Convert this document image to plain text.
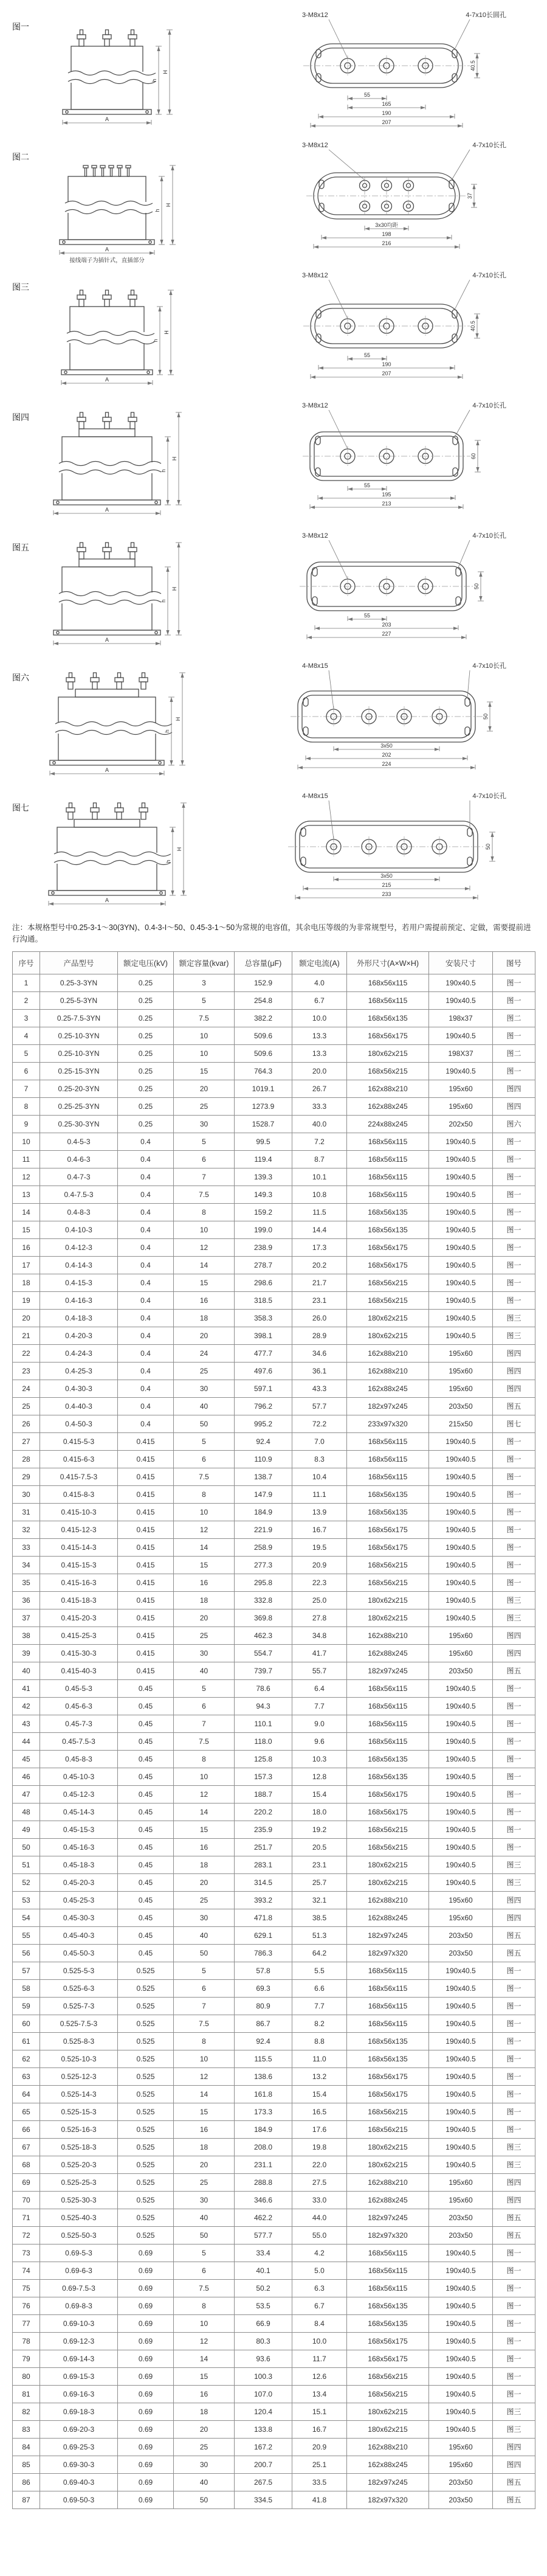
图一
h
H
A
3-M8x12	4-7x10长圆孔
55
165
190
207
40.5
图二
h
H
A
接线端子为插针式，直插部分
3-M8x12	4-7x10长孔
3x30均距
198
216
37
图三
h
H
A
3-M8x12	4-7x10长孔
55
190
207
40.5
图四
h
H
A
3-M8x12	4-7x10长孔
55
195
213
60
图五
h
H
A
3-M8x12	4-7x10长孔
55
203
227
50
图六
h
H
A
4-M8x15	4-7x10长孔
3x50
202
224
50
图七
h
H
A
4-M8x15	4-7x10长孔
3x50
215
233
50
注：本规格型号中0.25-3-1～30(3YN)、0.4-3-I～50、0.45-3-1～50为常规的电容值，其余电压等级的为非常规型号，若用户需提前预定、定做，需要提前进行沟通。
序号	产品型号	额定电压(kV)	额定容量(kvar)	总容量(μF)	额定电流(A)	外形尺寸(A×W×H)	安装尺寸	图号
1	0.25-3-3YN	0.25	3	152.9	4.0	168x56x115	190x40.5	图一
2	0.25-5-3YN	0.25	5	254.8	6.7	168x56x115	190x40.5	图一
3	0.25-7.5-3YN	0.25	7.5	382.2	10.0	168x56x135	198x37	图二
4	0.25-10-3YN	0.25	10	509.6	13.3	168x56x175	190x40.5	图一
5	0.25-10-3YN	0.25	10	509.6	13.3	180x62x215	198X37	图二
6	0.25-15-3YN	0.25	15	764.3	20.0	168x56x215	190x40.5	图一
7	0.25-20-3YN	0.25	20	1019.1	26.7	162x88x210	195x60	图四
8	0.25-25-3YN	0.25	25	1273.9	33.3	162x88x245	195x60	图四
9	0.25-30-3YN	0.25	30	1528.7	40.0	224x88x245	202x50	图六
10	0.4-5-3	0.4	5	99.5	7.2	168x56x115	190x40.5	图一
11	0.4-6-3	0.4	6	119.4	8.7	168x56x115	190x40.5	图一
12	0.4-7-3	0.4	7	139.3	10.1	168x56x115	190x40.5	图一
13	0.4-7.5-3	0.4	7.5	149.3	10.8	168x56x115	190x40.5	图一
14	0.4-8-3	0.4	8	159.2	11.5	168x56x135	190x40.5	图一
15	0.4-10-3	0.4	10	199.0	14.4	168x56x135	190x40.5	图一
16	0.4-12-3	0.4	12	238.9	17.3	168x56x175	190x40.5	图一
17	0.4-14-3	0.4	14	278.7	20.2	168x56x175	190x40.5	图一
18	0.4-15-3	0.4	15	298.6	21.7	168x56x215	190x40.5	图一
19	0.4-16-3	0.4	16	318.5	23.1	168x56x215	190x40.5	图一
20	0.4-18-3	0.4	18	358.3	26.0	180x62x215	190x40.5	图三
21	0.4-20-3	0.4	20	398.1	28.9	180x62x215	190x40.5	图三
22	0.4-24-3	0.4	24	477.7	34.6	162x88x210	195x60	图四
23	0.4-25-3	0.4	25	497.6	36.1	162x88x210	195x60	图四
24	0.4-30-3	0.4	30	597.1	43.3	162x88x245	195x60	图四
25	0.4-40-3	0.4	40	796.2	57.7	182x97x245	203x50	图五
26	0.4-50-3	0.4	50	995.2	72.2	233x97x320	215x50	图七
27	0.415-5-3	0.415	5	92.4	7.0	168x56x115	190x40.5	图一
28	0.415-6-3	0.415	6	110.9	8.3	168x56x115	190x40.5	图一
29	0.415-7.5-3	0.415	7.5	138.7	10.4	168x56x115	190x40.5	图一
30	0.415-8-3	0.415	8	147.9	11.1	168x56x135	190x40.5	图一
31	0.415-10-3	0.415	10	184.9	13.9	168x56x135	190x40.5	图一
32	0.415-12-3	0.415	12	221.9	16.7	168x56x175	190x40.5	图一
33	0.415-14-3	0.415	14	258.9	19.5	168x56x175	190x40.5	图一
34	0.415-15-3	0.415	15	277.3	20.9	168x56x215	190x40.5	图一
35	0.415-16-3	0.415	16	295.8	22.3	168x56x215	190x40.5	图一
36	0.415-18-3	0.415	18	332.8	25.0	180x62x215	190x40.5	图三
37	0.415-20-3	0.415	20	369.8	27.8	180x62x215	190x40.5	图三
38	0.415-25-3	0.415	25	462.3	34.8	162x88x210	195x60	图四
39	0.415-30-3	0.415	30	554.7	41.7	162x88x245	195x60	图四
40	0.415-40-3	0.415	40	739.7	55.7	182x97x245	203x50	图五
41	0.45-5-3	0.45	5	78.6	6.4	168x56x115	190x40.5	图一
42	0.45-6-3	0.45	6	94.3	7.7	168x56x115	190x40.5	图一
43	0.45-7-3	0.45	7	110.1	9.0	168x56x115	190x40.5	图一
44	0.45-7.5-3	0.45	7.5	118.0	9.6	168x56x115	190x40.5	图一
45	0.45-8-3	0.45	8	125.8	10.3	168x56x135	190x40.5	图一
46	0.45-10-3	0.45	10	157.3	12.8	168x56x135	190x40.5	图一
47	0.45-12-3	0.45	12	188.7	15.4	168x56x175	190x40.5	图一
48	0.45-14-3	0.45	14	220.2	18.0	168x56x175	190x40.5	图一
49	0.45-15-3	0.45	15	235.9	19.2	168x56x215	190x40.5	图一
50	0.45-16-3	0.45	16	251.7	20.5	168x56x215	190x40.5	图一
51	0.45-18-3	0.45	18	283.1	23.1	180x62x215	190x40.5	图三
52	0.45-20-3	0.45	20	314.5	25.7	180x62x215	190x40.5	图三
53	0.45-25-3	0.45	25	393.2	32.1	162x88x210	195x60	图四
54	0.45-30-3	0.45	30	471.8	38.5	162x88x245	195x60	图四
55	0.45-40-3	0.45	40	629.1	51.3	182x97x245	203x50	图五
56	0.45-50-3	0.45	50	786.3	64.2	182x97x320	203x50	图五
57	0.525-5-3	0.525	5	57.8	5.5	168x56x115	190x40.5	图一
58	0.525-6-3	0.525	6	69.3	6.6	168x56x115	190x40.5	图一
59	0.525-7-3	0.525	7	80.9	7.7	168x56x115	190x40.5	图一
60	0.525-7.5-3	0.525	7.5	86.7	8.2	168x56x115	190x40.5	图一
61	0.525-8-3	0.525	8	92.4	8.8	168x56x135	190x40.5	图一
62	0.525-10-3	0.525	10	115.5	11.0	168x56x135	190x40.5	图一
63	0.525-12-3	0.525	12	138.6	13.2	168x56x175	190x40.5	图一
64	0.525-14-3	0.525	14	161.8	15.4	168x56x175	190x40.5	图一
65	0.525-15-3	0.525	15	173.3	16.5	168x56x215	190x40.5	图一
66	0.525-16-3	0.525	16	184.9	17.6	168x56x215	190x40.5	图一
67	0.525-18-3	0.525	18	208.0	19.8	180x62x215	190x40.5	图三
68	0.525-20-3	0.525	20	231.1	22.0	180x62x215	190x40.5	图三
69	0.525-25-3	0.525	25	288.8	27.5	162x88x210	195x60	图四
70	0.525-30-3	0.525	30	346.6	33.0	162x88x245	195x60	图四
71	0.525-40-3	0.525	40	462.2	44.0	182x97x245	203x50	图五
72	0.525-50-3	0.525	50	577.7	55.0	182x97x320	203x50	图五
73	0.69-5-3	0.69	5	33.4	4.2	168x56x115	190x40.5	图一
74	0.69-6-3	0.69	6	40.1	5.0	168x56x115	190x40.5	图一
75	0.69-7.5-3	0.69	7.5	50.2	6.3	168x56x115	190x40.5	图一
76	0.69-8-3	0.69	8	53.5	6.7	168x56x135	190x40.5	图一
77	0.69-10-3	0.69	10	66.9	8.4	168x56x135	190x40.5	图一
78	0.69-12-3	0.69	12	80.3	10.0	168x56x175	190x40.5	图一
79	0.69-14-3	0.69	14	93.6	11.7	168x56x175	190x40.5	图一
80	0.69-15-3	0.69	15	100.3	12.6	168x56x215	190x40.5	图一
81	0.69-16-3	0.69	16	107.0	13.4	168x56x215	190x40.5	图一
82	0.69-18-3	0.69	18	120.4	15.1	180x62x215	190x40.5	图三
83	0.69-20-3	0.69	20	133.8	16.7	180x62x215	190x40.5	图三
84	0.69-25-3	0.69	25	167.2	20.9	162x88x210	195x60	图四
85	0.69-30-3	0.69	30	200.7	25.1	162x88x245	195x60	图四
86	0.69-40-3	0.69	40	267.5	33.5	182x97x245	203x50	图五
87	0.69-50-3	0.69	50	334.5	41.8	182x97x320	203x50	图五
